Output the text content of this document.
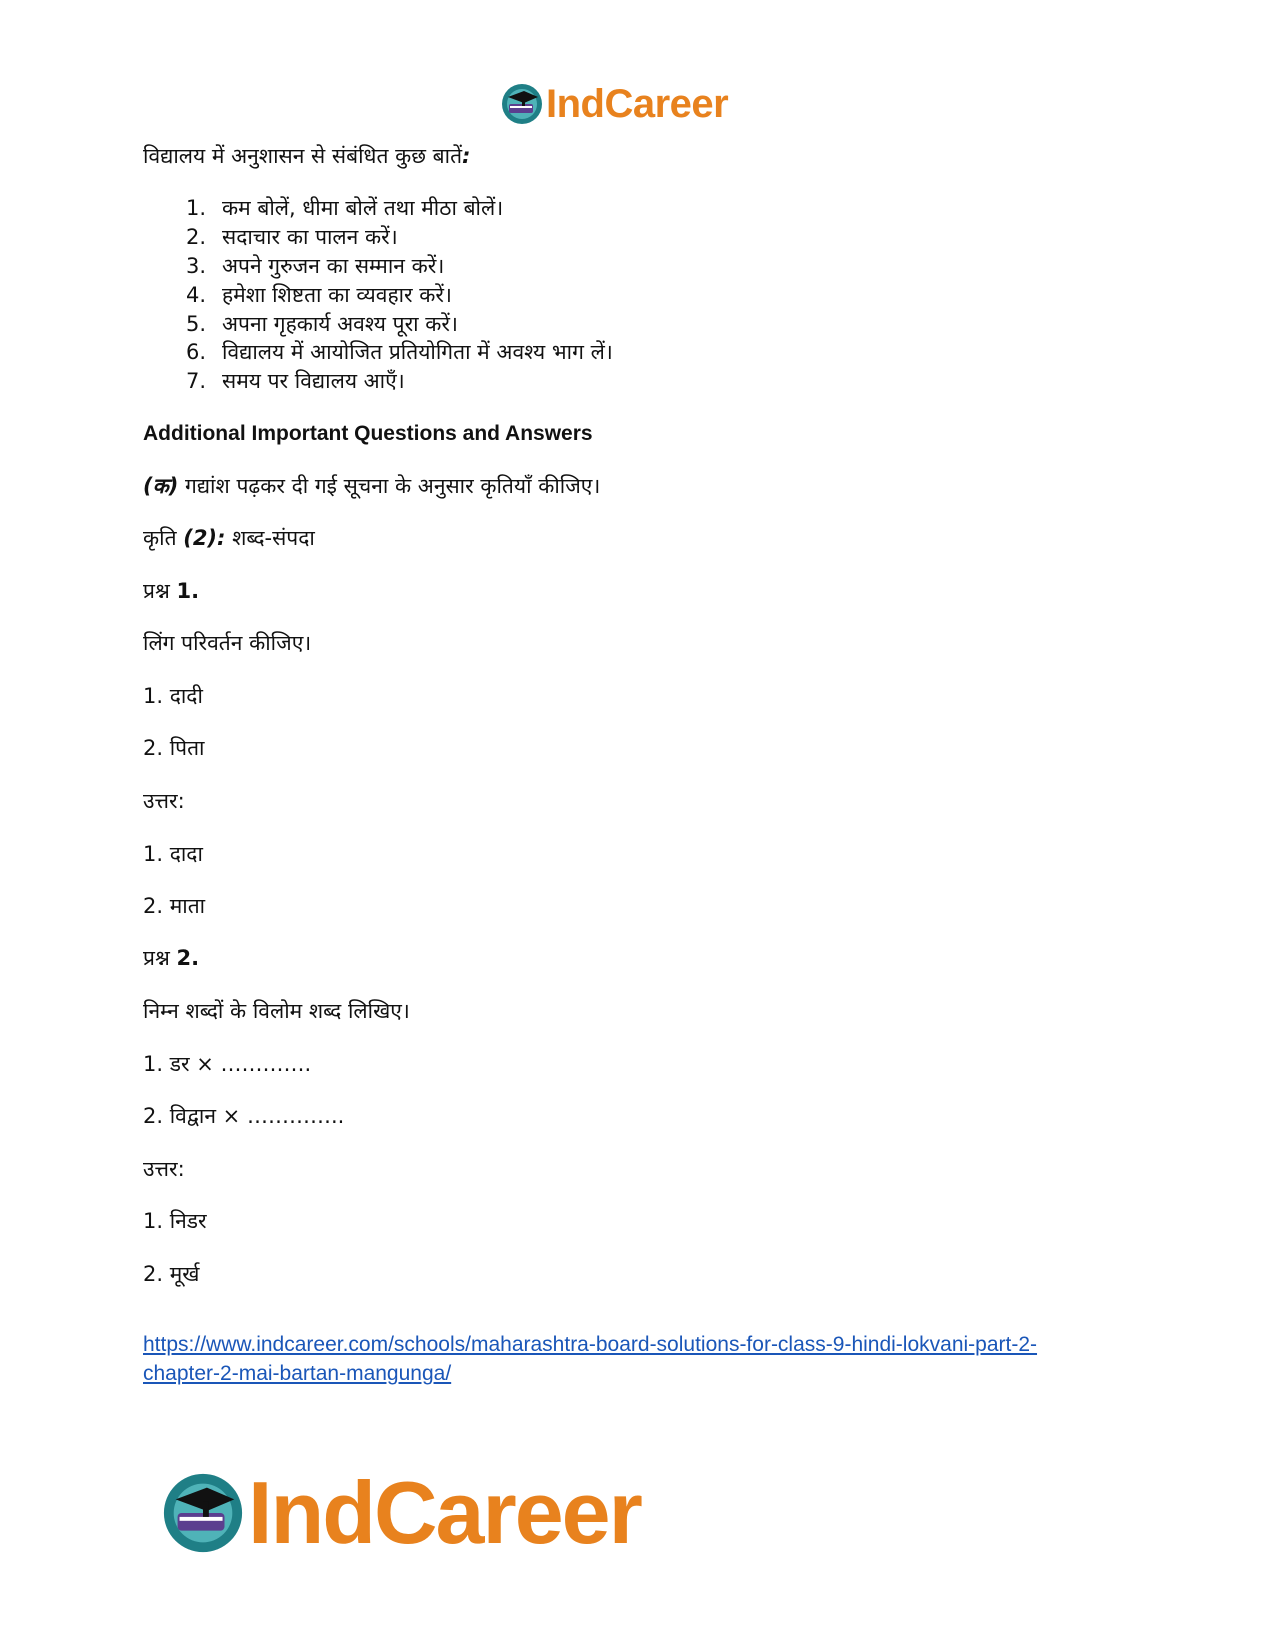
IndCareer
विद्यालय में अनुशासन से संबंधित कुछ बातें:
1. कम बोलें, धीमा बोलें तथा मीठा बोलें।
2. सदाचार का पालन करें।
3. अपने गुरुजन का सम्मान करें।
4. हमेशा शिष्टता का व्यवहार करें।
5. अपना गृहकार्य अवश्य पूरा करें।
6. विद्यालय में आयोजित प्रतियोगिता में अवश्य भाग लें।
7. समय पर विद्यालय आएँ।
Additional Important Questions and Answers
(क) गद्यांश पढ़कर दी गई सूचना के अनुसार कृतियाँ कीजिए।
कृति (2): शब्द-संपदा
प्रश्न 1.
लिंग परिवर्तन कीजिए।
1. दादी
2. पिता
उत्तर:
1. दादा
2. माता
प्रश्न 2.
निम्न शब्दों के विलोम शब्द लिखिए।
1. डर × ………….
2. विद्वान × …………..
उत्तर:
1. निडर
2. मूर्ख
https://www.indcareer.com/schools/maharashtra-board-solutions-for-class-9-hindi-lokvani-part-2-
chapter-2-mai-bartan-mangunga/
IndCareer
